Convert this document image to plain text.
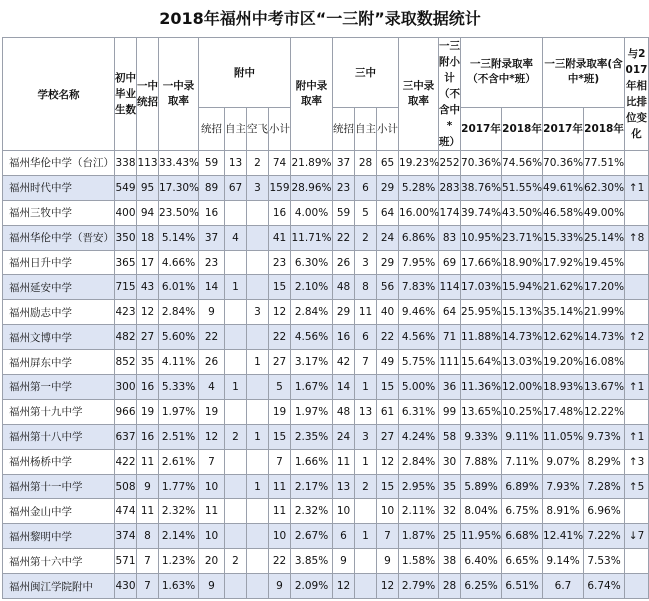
2018年福州中考市区“一三附”录取数据统计
学校名称	初中毕业生数	一中统招	一中录取率	附中				附中录取率	三中			三中录取率	一三附小计（不含中*班）	一三附录取率（不含中*班）		一三附录取率(含中*班)		与2017年相比排位变化
				统招	自主	空飞	小计		统招	自主	小计			2017年	2018年	2017年	2018年	
福州华伦中学（台江）	338	113	33.43%	59	13	2	74	21.89%	37	28	65	19.23%	252	70.36%	74.56%	70.36%	77.51%	
福州时代中学	549	95	17.30%	89	67	3	159	28.96%	23	6	29	5.28%	283	38.76%	51.55%	49.61%	62.30%	↑1
福州三牧中学	400	94	23.50%	16			16	4.00%	59	5	64	16.00%	174	39.74%	43.50%	46.58%	49.00%	
福州华伦中学（晋安）	350	18	5.14%	37	4		41	11.71%	22	2	24	6.86%	83	10.95%	23.71%	15.33%	25.14%	↑8
福州日升中学	365	17	4.66%	23			23	6.30%	26	3	29	7.95%	69	17.66%	18.90%	17.92%	19.45%	
福州延安中学	715	43	6.01%	14	1		15	2.10%	48	8	56	7.83%	114	17.03%	15.94%	21.62%	17.20%	
福州励志中学	423	12	2.84%	9		3	12	2.84%	29	11	40	9.46%	64	25.95%	15.13%	35.14%	21.99%	
福州文博中学	482	27	5.60%	22			22	4.56%	16	6	22	4.56%	71	11.88%	14.73%	12.62%	14.73%	↑2
福州屏东中学	852	35	4.11%	26		1	27	3.17%	42	7	49	5.75%	111	15.64%	13.03%	19.20%	16.08%	
福州第一中学	300	16	5.33%	4	1		5	1.67%	14	1	15	5.00%	36	11.36%	12.00%	18.93%	13.67%	↑1
福州第十九中学	966	19	1.97%	19			19	1.97%	48	13	61	6.31%	99	13.65%	10.25%	17.48%	12.22%	
福州第十八中学	637	16	2.51%	12	2	1	15	2.35%	24	3	27	4.24%	58	9.33%	9.11%	11.05%	9.73%	↑1
福州杨桥中学	422	11	2.61%	7			7	1.66%	11	1	12	2.84%	30	7.88%	7.11%	9.07%	8.29%	↑3
福州第十一中学	508	9	1.77%	10		1	11	2.17%	13	2	15	2.95%	35	5.89%	6.89%	7.93%	7.28%	↑5
福州金山中学	474	11	2.32%	11			11	2.32%	10		10	2.11%	32	8.04%	6.75%	8.91%	6.96%	
福州黎明中学	374	8	2.14%	10			10	2.67%	6	1	7	1.87%	25	11.95%	6.68%	12.41%	7.22%	↓7
福州第十六中学	571	7	1.23%	20	2		22	3.85%	9		9	1.58%	38	6.40%	6.65%	9.14%	7.53%	
福州闽江学院附中	430	7	1.63%	9			9	2.09%	12		12	2.79%	28	6.25%	6.51%	6.7	6.74%	
